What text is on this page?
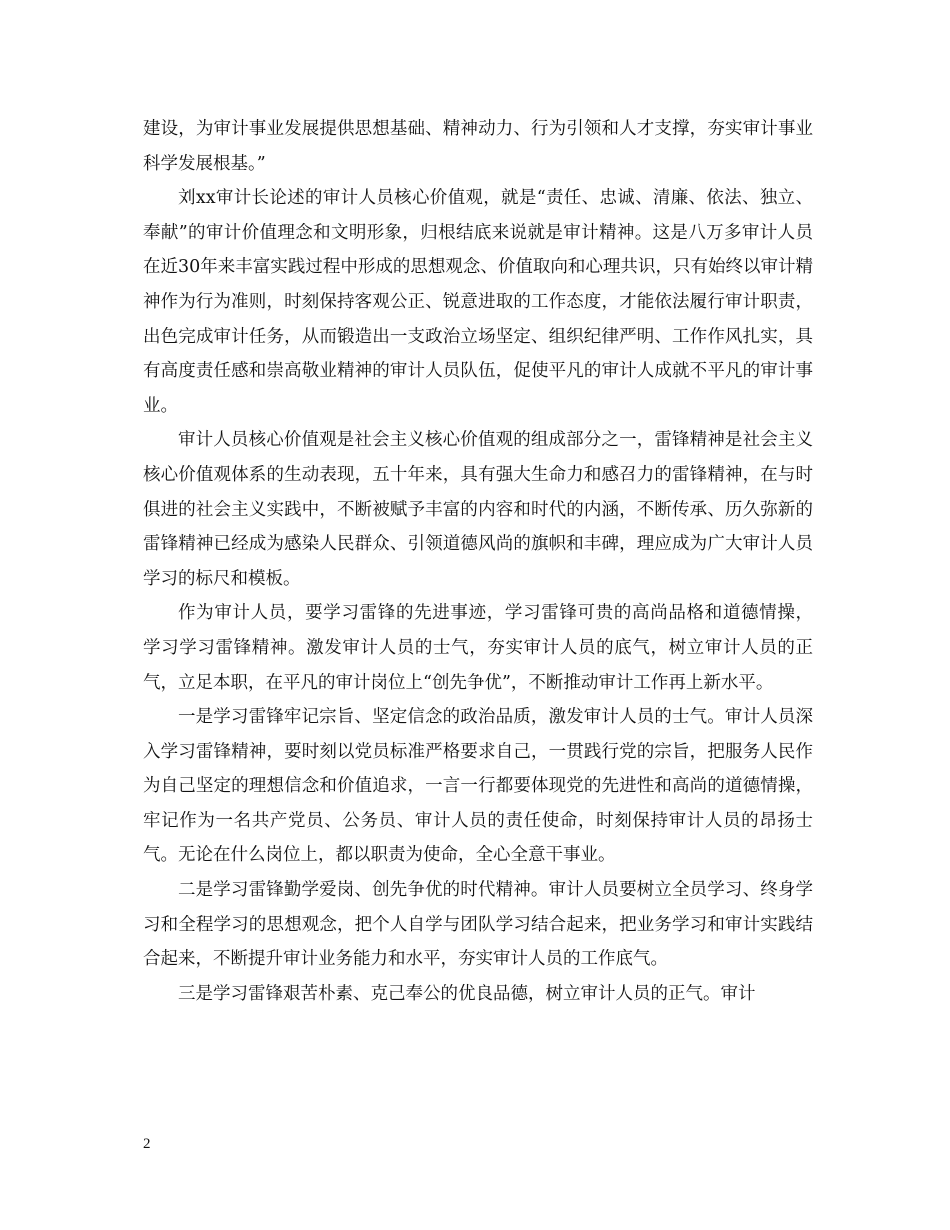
建设，为审计事业发展提供思想基础、精神动力、行为引领和人才支撑，夯实审计事业科学发展根基。”

刘xx审计长论述的审计人员核心价值观，就是“责任、忠诚、清廉、依法、独立、奉献”的审计价值理念和文明形象，归根结底来说就是审计精神。这是八万多审计人员在近30年来丰富实践过程中形成的思想观念、价值取向和心理共识，只有始终以审计精神作为行为准则，时刻保持客观公正、锐意进取的工作态度，才能依法履行审计职责，出色完成审计任务，从而锻造出一支政治立场坚定、组织纪律严明、工作作风扎实，具有高度责任感和崇高敬业精神的审计人员队伍，促使平凡的审计人成就不平凡的审计事业。

审计人员核心价值观是社会主义核心价值观的组成部分之一，雷锋精神是社会主义核心价值观体系的生动表现，五十年来，具有强大生命力和感召力的雷锋精神，在与时俱进的社会主义实践中，不断被赋予丰富的内容和时代的内涵，不断传承、历久弥新的雷锋精神已经成为感染人民群众、引领道德风尚的旗帜和丰碑，理应成为广大审计人员学习的标尺和模板。

作为审计人员，要学习雷锋的先进事迹，学习雷锋可贵的高尚品格和道德情操， 学习学习雷锋精神。激发审计人员的士气，夯实审计人员的底气，树立审计人员的正气，立足本职，在平凡的审计岗位上“创先争优”，不断推动审计工作再上新水平。

一是学习雷锋牢记宗旨、坚定信念的政治品质，激发审计人员的士气。审计人员深入学习雷锋精神，要时刻以党员标准严格要求自己，一贯践行党的宗旨，把服务人民作为自己坚定的理想信念和价值追求，一言一行都要体现党的先进性和高尚的道德情操，牢记作为一名共产党员、公务员、审计人员的责任使命，时刻保持审计人员的昂扬士气。无论在什么岗位上，都以职责为使命，全心全意干事业。

二是学习雷锋勤学爱岗、创先争优的时代精神。审计人员要树立全员学习、终身学习和全程学习的思想观念，把个人自学与团队学习结合起来，把业务学习和审计实践结合起来，不断提升审计业务能力和水平，夯实审计人员的工作底气。

三是学习雷锋艰苦朴素、克己奉公的优良品德，树立审计人员的正气。审计

2
